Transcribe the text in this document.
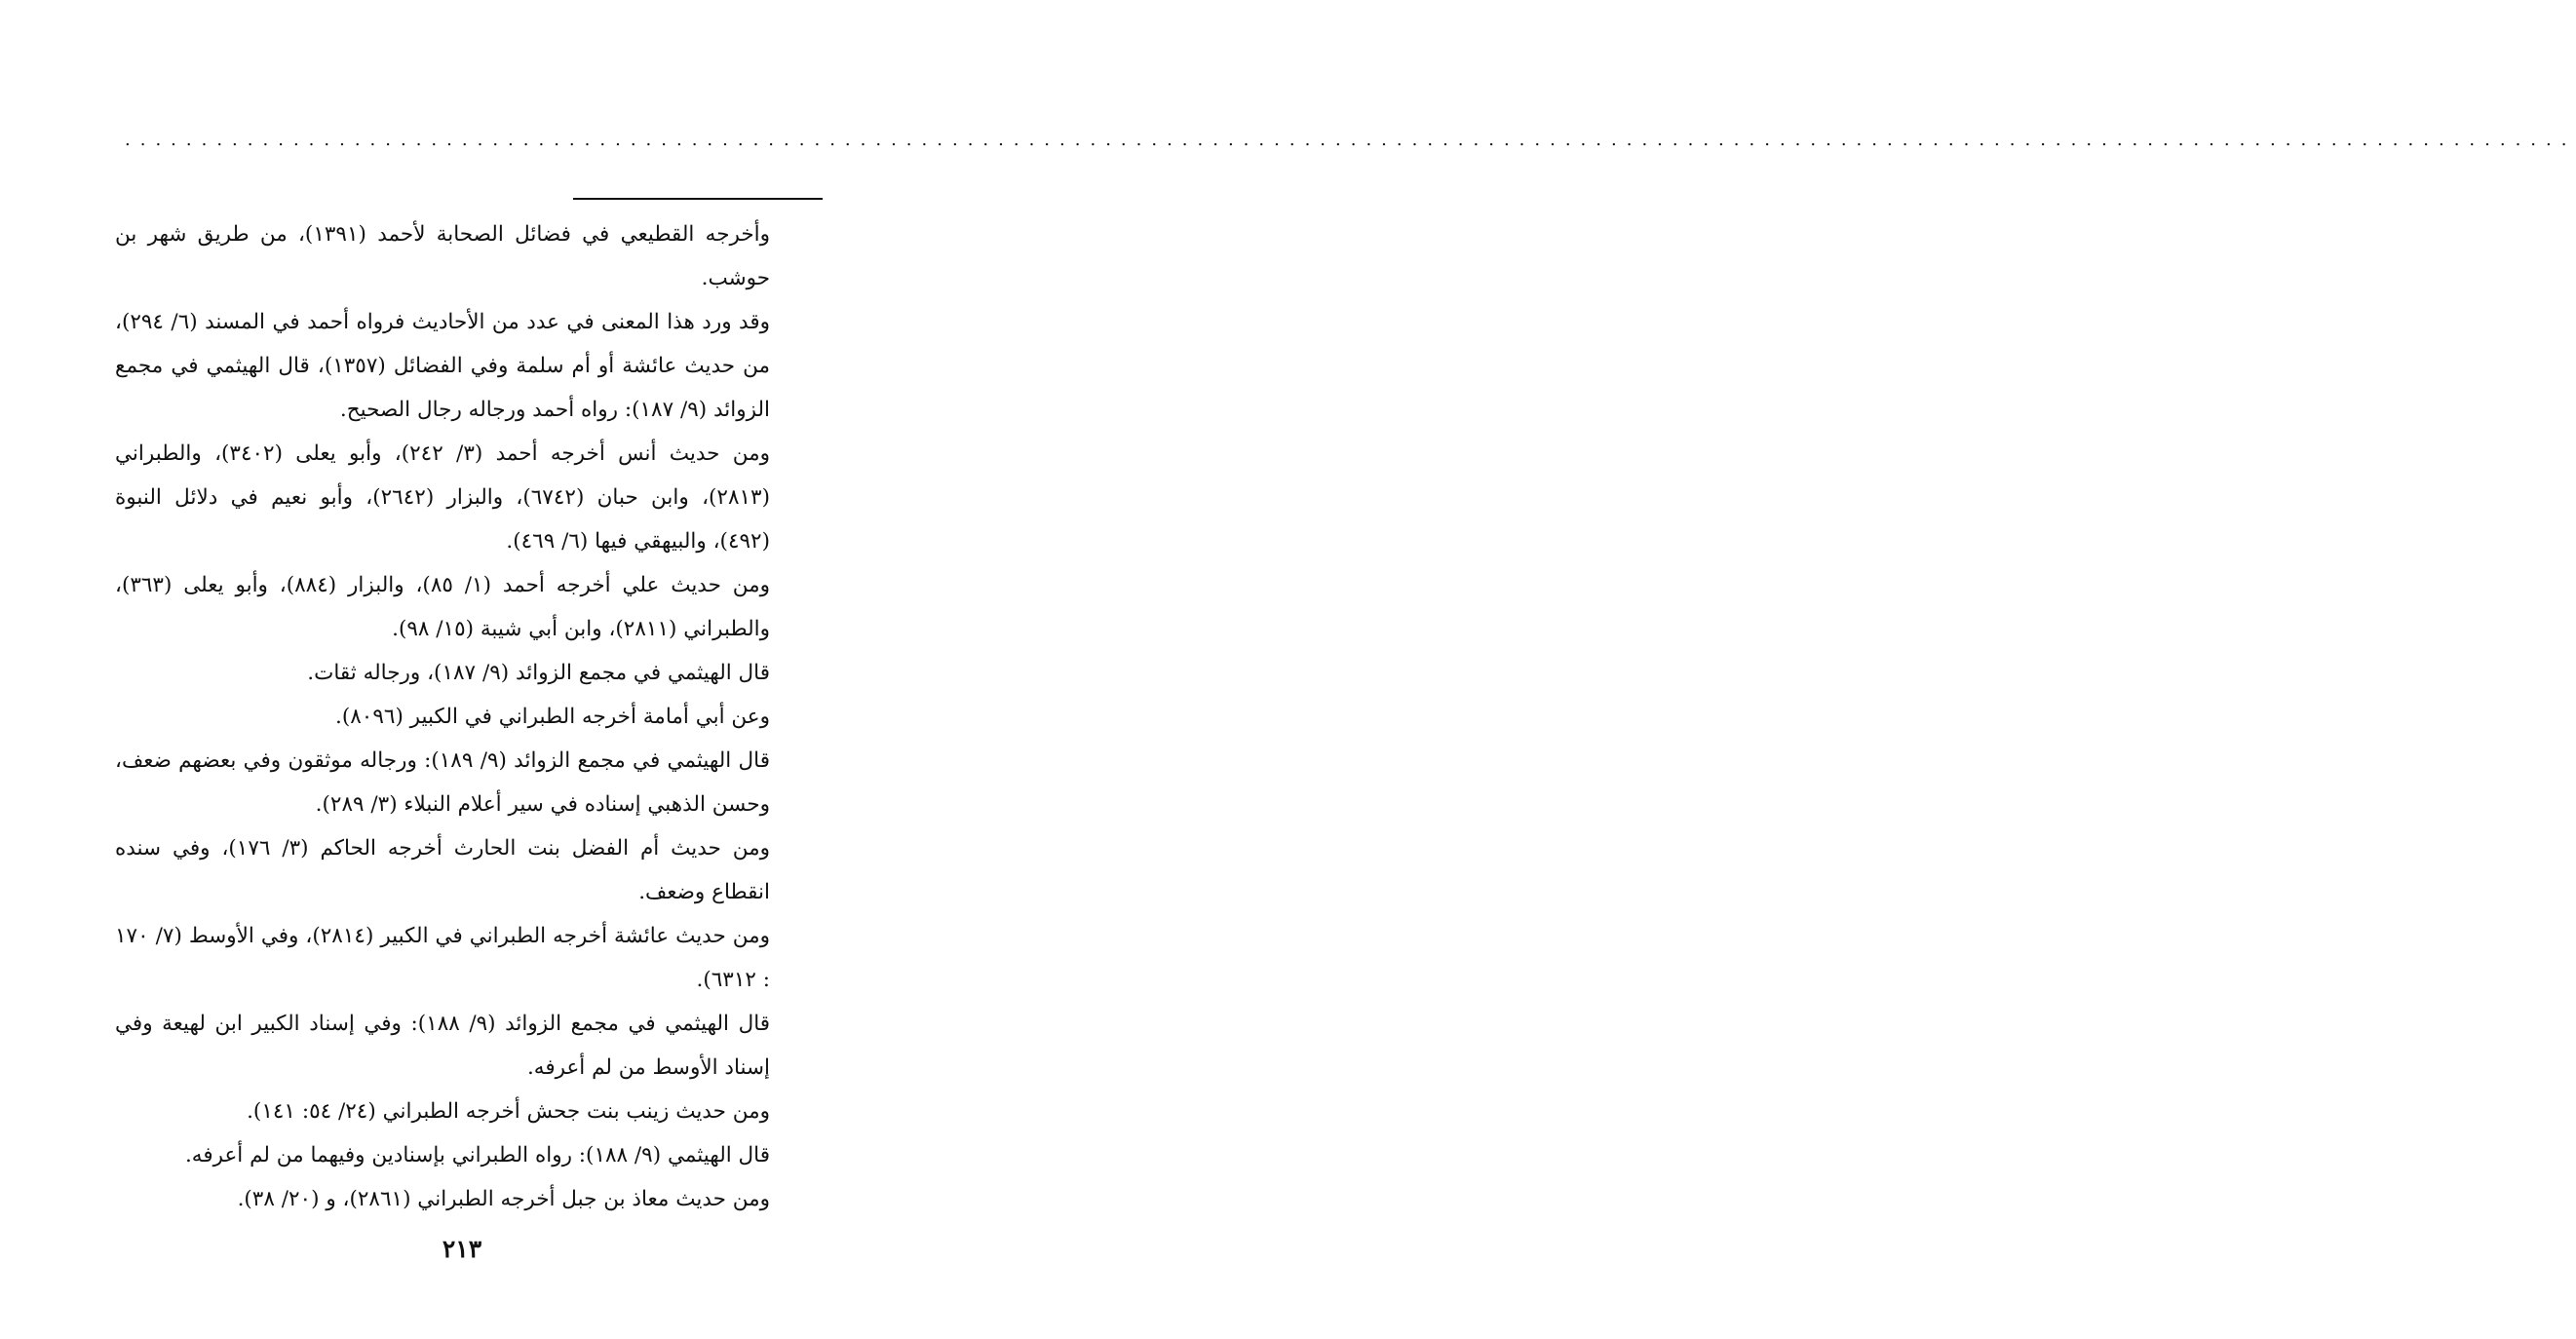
................................................................................................................................................................

وأخرجه القطيعي في فضائل الصحابة لأحمد (١٣٩١)، من طريق شهر بن حوشب.

وقد ورد هذا المعنى في عدد من الأحاديث فرواه أحمد في المسند (٦/ ٢٩٤)، من حديث عائشة أو أم سلمة وفي الفضائل (١٣٥٧)، قال الهيثمي في مجمع الزوائد (٩/ ١٨٧): رواه أحمد ورجاله رجال الصحيح.

ومن حديث أنس أخرجه أحمد (٣/ ٢٤٢)، وأبو يعلى (٣٤٠٢)، والطبراني (٢٨١٣)، وابن حبان (٦٧٤٢)، والبزار (٢٦٤٢)، وأبو نعيم في دلائل النبوة (٤٩٢)، والبيهقي فيها (٦/ ٤٦٩).

ومن حديث علي أخرجه أحمد (١/ ٨٥)، والبزار (٨٨٤)، وأبو يعلى (٣٦٣)، والطبراني (٢٨١١)، وابن أبي شيبة (١٥/ ٩٨).

قال الهيثمي في مجمع الزوائد (٩/ ١٨٧)، ورجاله ثقات.

وعن أبي أمامة أخرجه الطبراني في الكبير (٨٠٩٦).

قال الهيثمي في مجمع الزوائد (٩/ ١٨٩): ورجاله موثقون وفي بعضهم ضعف، وحسن الذهبي إسناده في سير أعلام النبلاء (٣/ ٢٨٩).

ومن حديث أم الفضل بنت الحارث أخرجه الحاكم (٣/ ١٧٦)، وفي سنده انقطاع وضعف.

ومن حديث عائشة أخرجه الطبراني في الكبير (٢٨١٤)، وفي الأوسط (٧/ ١٧٠ : ٦٣١٢).

قال الهيثمي في مجمع الزوائد (٩/ ١٨٨): وفي إسناد الكبير ابن لهيعة وفي إسناد الأوسط من لم أعرفه.

ومن حديث زينب بنت جحش أخرجه الطبراني (٢٤/ ٥٤: ١٤١).

قال الهيثمي (٩/ ١٨٨): رواه الطبراني بإسنادين وفيهما من لم أعرفه.

ومن حديث معاذ بن جبل أخرجه الطبراني (٢٨٦١)، و (٢٠/ ٣٨).

٢١٣
